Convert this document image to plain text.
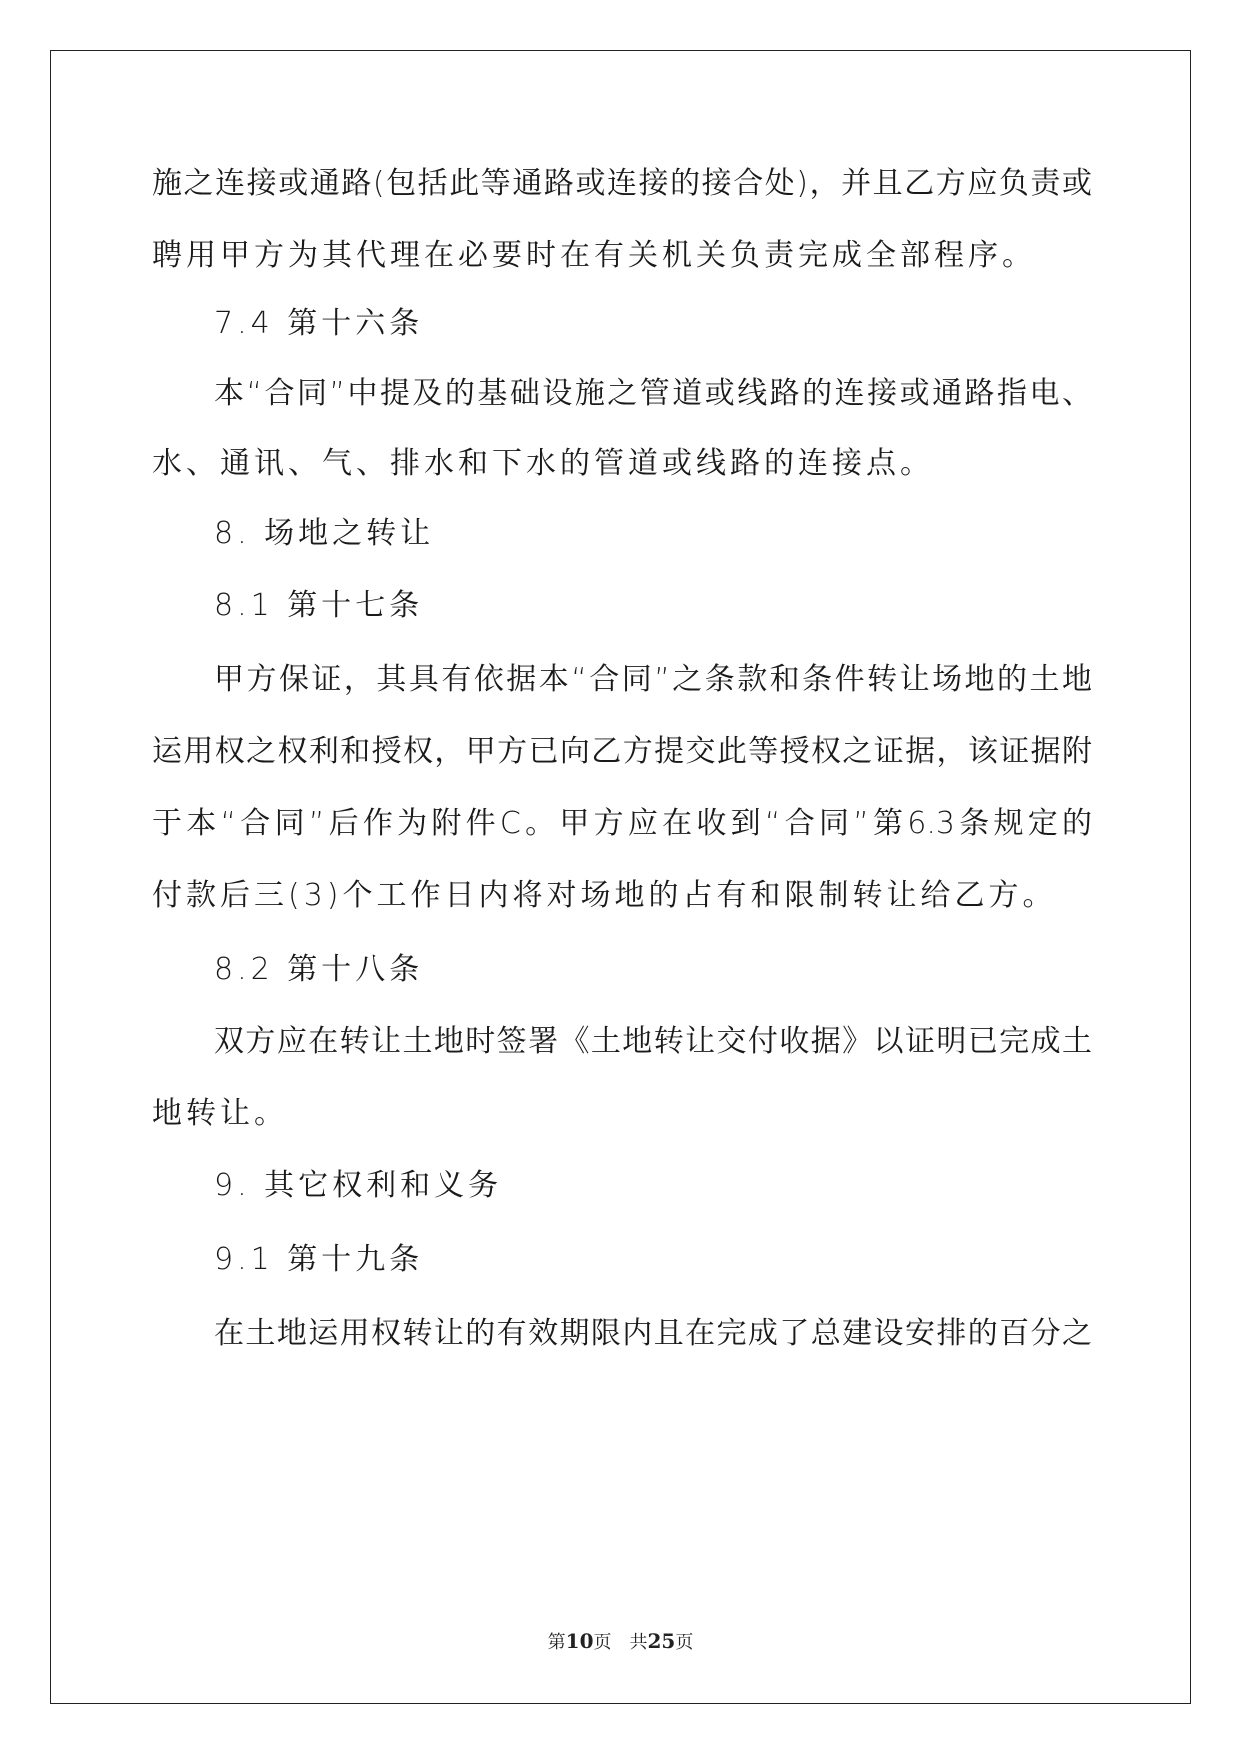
施之连接或通路(包括此等通路或连接的接合处)，并且乙方应负责或
聘用甲方为其代理在必要时在有关机关负责完成全部程序。
7.4 第十六条
本“合同”中提及的基础设施之管道或线路的连接或通路指电、
水、通讯、气、排水和下水的管道或线路的连接点。
8. 场地之转让
8.1 第十七条
甲方保证，其具有依据本“合同”之条款和条件转让场地的土地
运用权之权利和授权，甲方已向乙方提交此等授权之证据，该证据附
于本“合同”后作为附件C。甲方应在收到“合同”第6.3条规定的
付款后三(3)个工作日内将对场地的占有和限制转让给乙方。
8.2 第十八条
双方应在转让土地时签署《土地转让交付收据》以证明已完成土
地转让。
9. 其它权利和义务
9.1 第十九条
在土地运用权转让的有效期限内且在完成了总建设安排的百分之
第10页　共25页
